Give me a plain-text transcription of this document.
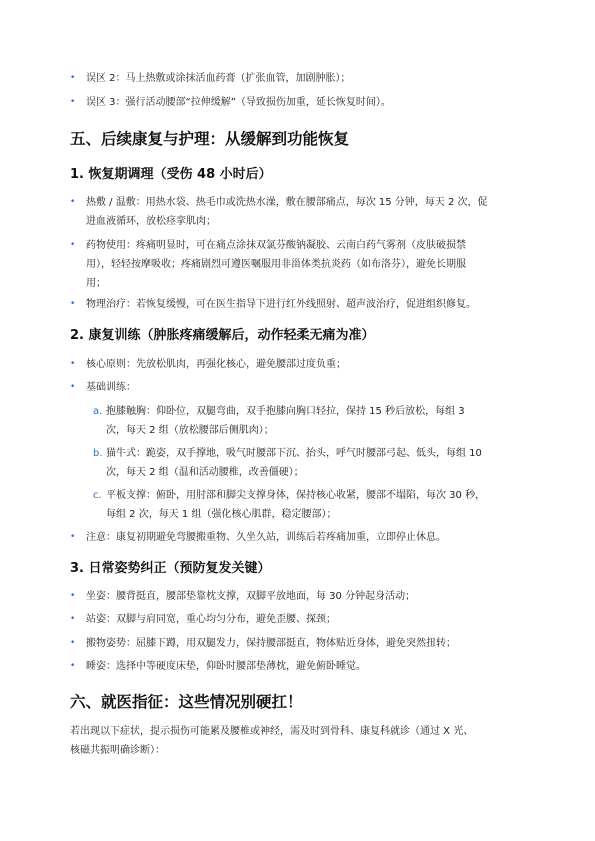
• 误区 2：马上热敷或涂抹活血药膏（扩张血管，加剧肿胀）；
• 误区 3：强行活动腰部“拉伸缓解”（导致损伤加重，延长恢复时间）。
五、后续康复与护理：从缓解到功能恢复
1. 恢复期调理（受伤 48 小时后）
• 热敷 / 温敷：用热水袋、热毛巾或洗热水澡，敷在腰部痛点，每次 15 分钟，每天 2 次，促
进血液循环，放松痉挛肌肉；
• 药物使用：疼痛明显时，可在痛点涂抹双氯芬酸钠凝胶、云南白药气雾剂（皮肤破损禁
用），轻轻按摩吸收；疼痛剧烈可遵医嘱服用非甾体类抗炎药（如布洛芬），避免长期服
用；
• 物理治疗：若恢复缓慢，可在医生指导下进行红外线照射、超声波治疗，促进组织修复。
2. 康复训练（肿胀疼痛缓解后，动作轻柔无痛为准）
• 核心原则：先放松肌肉，再强化核心，避免腰部过度负重；
• 基础训练：
a. 抱膝触胸：仰卧位，双腿弯曲，双手抱膝向胸口轻拉，保持 15 秒后放松，每组 3
次，每天 2 组（放松腰部后侧肌肉）；
b. 猫牛式：跪姿，双手撑地，吸气时腰部下沉、抬头，呼气时腰部弓起、低头，每组 10
次，每天 2 组（温和活动腰椎，改善僵硬）；
c. 平板支撑：俯卧，用肘部和脚尖支撑身体，保持核心收紧，腰部不塌陷，每次 30 秒，
每组 2 次，每天 1 组（强化核心肌群，稳定腰部）；
• 注意：康复初期避免弯腰搬重物、久坐久站，训练后若疼痛加重，立即停止休息。
3. 日常姿势纠正（预防复发关键）
• 坐姿：腰背挺直，腰部垫靠枕支撑，双脚平放地面，每 30 分钟起身活动；
• 站姿：双脚与肩同宽，重心均匀分布，避免歪腰、探颈；
• 搬物姿势：屈膝下蹲，用双腿发力，保持腰部挺直，物体贴近身体，避免突然扭转；
• 睡姿：选择中等硬度床垫，仰卧时腰部垫薄枕，避免俯卧睡觉。
六、就医指征：这些情况别硬扛！
若出现以下症状，提示损伤可能累及腰椎或神经，需及时到骨科、康复科就诊（通过 X 光、
核磁共振明确诊断）：
